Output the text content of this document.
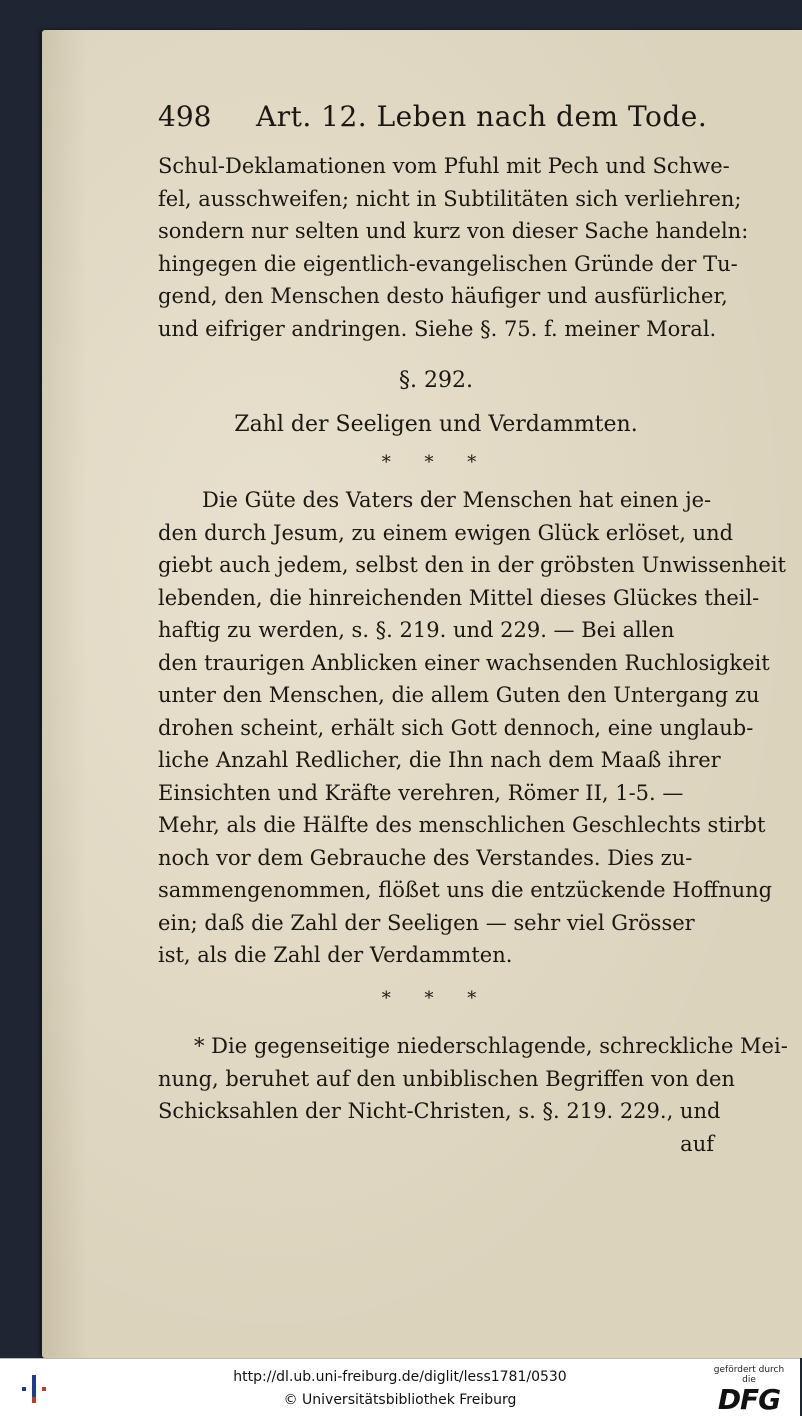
498	Art. 12. Leben nach dem Tode.
Schul-Deklamationen vom Pfuhl mit Pech und Schwe-
fel, ausschweifen; nicht in Subtilitäten sich verliehren;
sondern nur selten und kurz von dieser Sache handeln:
hingegen die eigentlich-evangelischen Gründe der Tu-
gend, den Menschen desto häufiger und ausfürlicher,
und eifriger andringen. Siehe §. 75. f. meiner Moral.
§. 292.
Zahl der Seeligen und Verdammten.
* * *
Die Güte des Vaters der Menschen hat einen je-
den durch Jesum, zu einem ewigen Glück erlöset, und
giebt auch jedem, selbst den in der gröbsten Unwissenheit
lebenden, die hinreichenden Mittel dieses Glückes theil-
haftig zu werden, s. §. 219. und 229. — Bei allen
den traurigen Anblicken einer wachsenden Ruchlosigkeit
unter den Menschen, die allem Guten den Untergang zu
drohen scheint, erhält sich Gott dennoch, eine unglaub-
liche Anzahl Redlicher, die Ihn nach dem Maaß ihrer
Einsichten und Kräfte verehren, Römer II, 1-5. —
Mehr, als die Hälfte des menschlichen Geschlechts stirbt
noch vor dem Gebrauche des Verstandes. Dies zu-
sammengenommen, flößet uns die entzückende Hoffnung
ein; daß die Zahl der Seeligen — sehr viel Grösser
ist, als die Zahl der Verdammten.
* * *
* Die gegenseitige niederschlagende, schreckliche Mei-
nung, beruhet auf den unbiblischen Begriffen von den
Schicksahlen der Nicht-Christen, s. §. 219. 229., und
auf
http://dl.ub.uni-freiburg.de/diglit/less1781/0530
© Universitätsbibliothek Freiburg
gefördert durch die
DFG
